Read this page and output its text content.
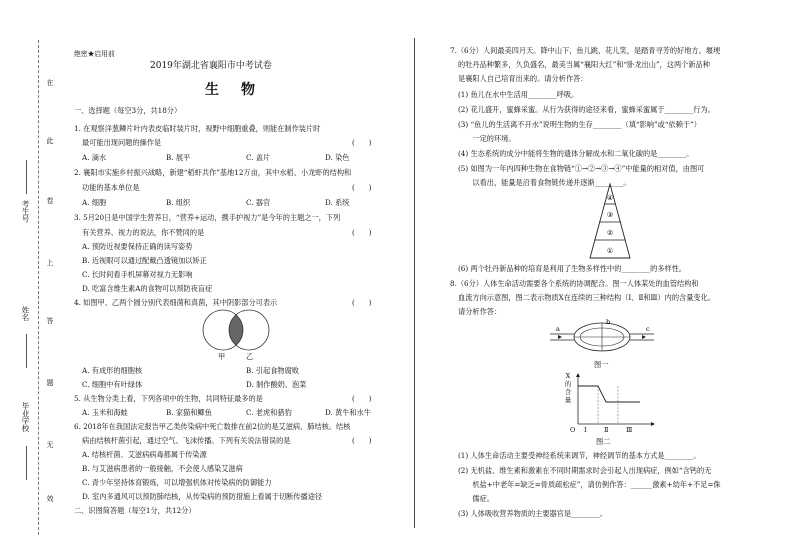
在
此
卷
上
答
题
无
效
考生号
姓名
毕业学校
绝密★启用前
2019年湖北省襄阳市中考试卷
生　物
一、选择题（每空3分，共18分）
1. 在观察洋葱鳞片叶内表皮临时装片时，视野中细胞重叠，则能在制作装片时
最可能出现问题的操作是	(　　)
A. 滴水	B. 展平	C. 盖片	D. 染色
2. 襄阳市实施乡村振兴战略，新建“稻虾共作”基地12万亩，其中水稻、小龙虾的结构和
功能的基本单位是	(　　)
A. 细胞	B. 组织	C. 器官	D. 系统
3. 5月20日是中国学生营养日，“营养+运动，携手护视力”是今年的主题之一，下列
有关营养、视力的说法，你不赞同的是	(　　)
A. 预防近视要保持正确的读写姿势
B. 近视眼可以通过配戴凸透镜加以矫正
C. 长时间看手机屏幕对视力无影响
D. 吃富含维生素A的食物可以预防夜盲症
4. 如图甲、乙两个圆分别代表细菌和真菌，其中阴影部分可表示	(　　)
甲	乙
A. 有成形的细胞核	B. 引起食物腐败
C. 细胞中有叶绿体	D. 制作酸奶、泡菜
5. 从生物分类上看，下列各项中的生物，共同特征最多的是	(　　)
A. 玉米和海蛙	B. 家猫和鲫鱼	C. 老虎和猎豹	D. 黄牛和水牛
6. 2018年在我国法定报告甲乙类传染病中死亡数排在前2位的是艾滋病、肺结核。结核
病由结核杆菌引起，通过空气、飞沫传播。下列有关说法错误的是	(　　)
A. 结核杆菌、艾滋病病毒都属于传染源
B. 与艾滋病患者的一般接触，不会使人感染艾滋病
C. 青少年坚持体育锻炼，可以增强机体对传染病的防御能力
D. 室内多通风可以预防肺结核，从传染病的预防措施上看属于切断传播途径
二、识图简答题（每空1分，共12分）
7.（6分）人间最美四月天。降中山下，鱼儿跳，花儿笑，是踏青寻芳的好地方。堰埂
的牡丹品种繁多，久负盛名，最美当属“襄阳大红”和“卧龙出山”，这两个新品种
是襄阳人自己培育出来的。请分析作答：
(1) 鱼儿在水中生活用________呼吸。
(2) 花儿盛开，蜜蜂采蜜。从行为获得的途径来看，蜜蜂采蜜属于________行为。
(3) “鱼儿的生活离不开水”说明生物的生存________（填“影响”或“依赖于”）
　　一定的环境。
(4) 生态系统的成分中能将生物的遗体分解成水和二氧化碳的是________。
(5) 如图为一年内四种生物在食物链“①→②→③→④”中能量的相对值，由图可
　　以看出，能量是沿着食物链传递并逐渐________。
④
③
②
①
(6) 两个牡丹新品种的培育是利用了生物多样性中的________的多样性。
8.（6分）人体生命活动需要各个系统的协调配合。图一人体某处的血管结构和
血流方向示意图，图二表示物质X在连续的三种结构（Ⅰ、Ⅱ和Ⅲ）内的含量变化。
请分析作答：
a
b
c
图一
X
的
含
量
O Ⅰ	Ⅱ	Ⅲ
图二
(1) 人体生命活动主要受神经系统来调节，神经调节的基本方式是________。
(2) 无机盐、维生素和激素在不同时期需求时会引起人出现病症，例如“含钙的无
　　机盐+中老年=缺乏=骨质疏松症”，请仿例作答：______激素+幼年+不足=侏
　　儒症。
(3) 人体吸收营养物质的主要器官是________。
